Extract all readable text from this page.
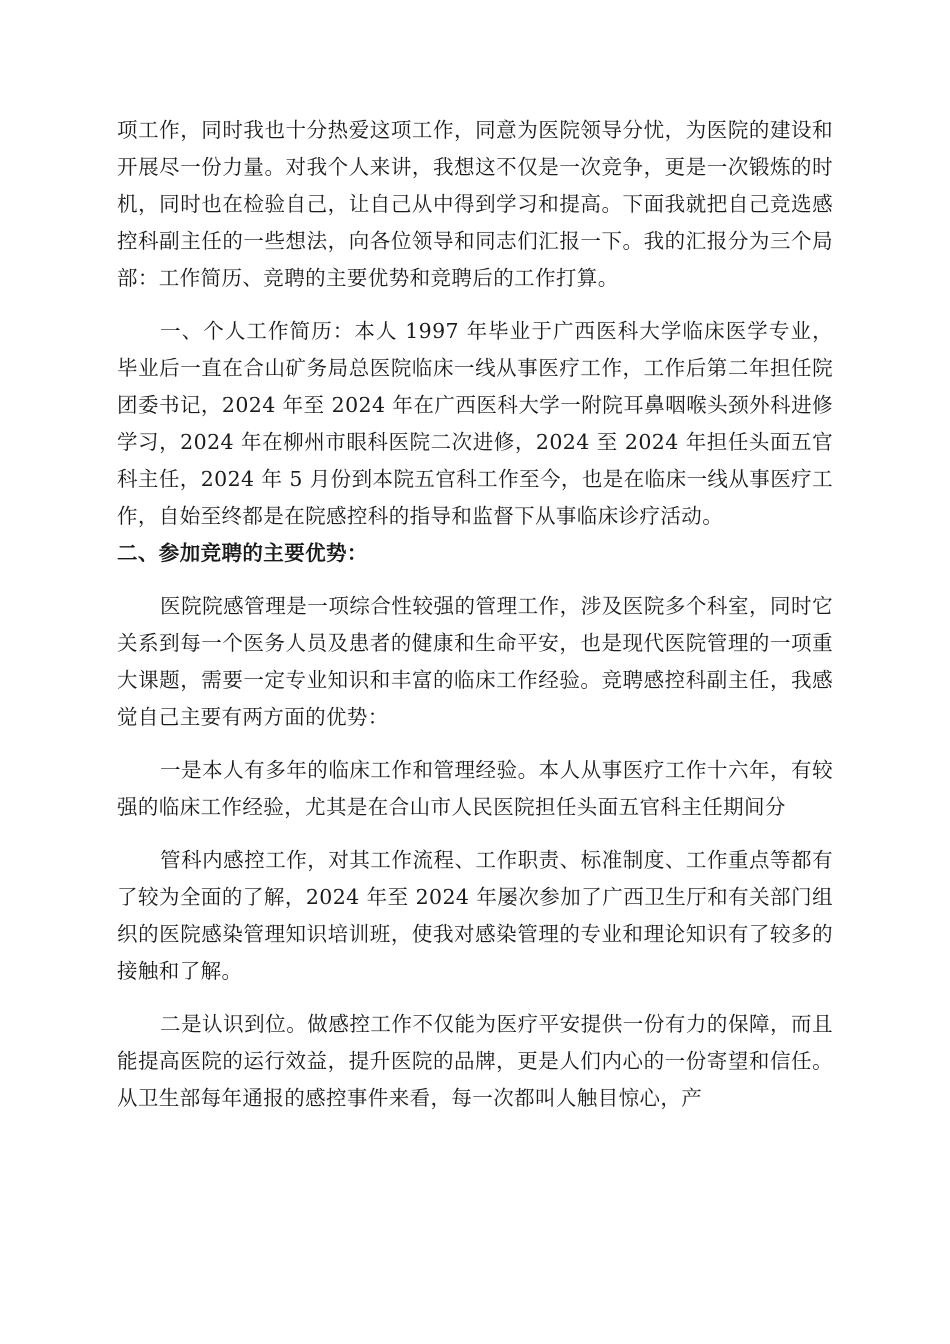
项工作，同时我也十分热爱这项工作，同意为医院领导分忧，为医院的建设和开展尽一份力量。对我个人来讲，我想这不仅是一次竞争，更是一次锻炼的时机，同时也在检验自己，让自己从中得到学习和提高。下面我就把自己竞选感控科副主任的一些想法，向各位领导和同志们汇报一下。我的汇报分为三个局部：工作简历、竞聘的主要优势和竞聘后的工作打算。

一、个人工作简历：本人 1997 年毕业于广西医科大学临床医学专业，毕业后一直在合山矿务局总医院临床一线从事医疗工作，工作后第二年担任院团委书记，2024 年至 2024 年在广西医科大学一附院耳鼻咽喉头颈外科进修学习，2024 年在柳州市眼科医院二次进修，2024 至 2024 年担任头面五官科主任，2024 年 5 月份到本院五官科工作至今，也是在临床一线从事医疗工作，自始至终都是在院感控科的指导和监督下从事临床诊疗活动。

二、参加竞聘的主要优势：

医院院感管理是一项综合性较强的管理工作，涉及医院多个科室，同时它关系到每一个医务人员及患者的健康和生命平安，也是现代医院管理的一项重大课题，需要一定专业知识和丰富的临床工作经验。竞聘感控科副主任，我感觉自己主要有两方面的优势：

一是本人有多年的临床工作和管理经验。本人从事医疗工作十六年，有较强的临床工作经验，尤其是在合山市人民医院担任头面五官科主任期间分

管科内感控工作，对其工作流程、工作职责、标准制度、工作重点等都有了较为全面的了解，2024 年至 2024 年屡次参加了广西卫生厅和有关部门组织的医院感染管理知识培训班，使我对感染管理的专业和理论知识有了较多的接触和了解。

二是认识到位。做感控工作不仅能为医疗平安提供一份有力的保障，而且能提高医院的运行效益，提升医院的品牌，更是人们内心的一份寄望和信任。从卫生部每年通报的感控事件来看，每一次都叫人触目惊心，产
